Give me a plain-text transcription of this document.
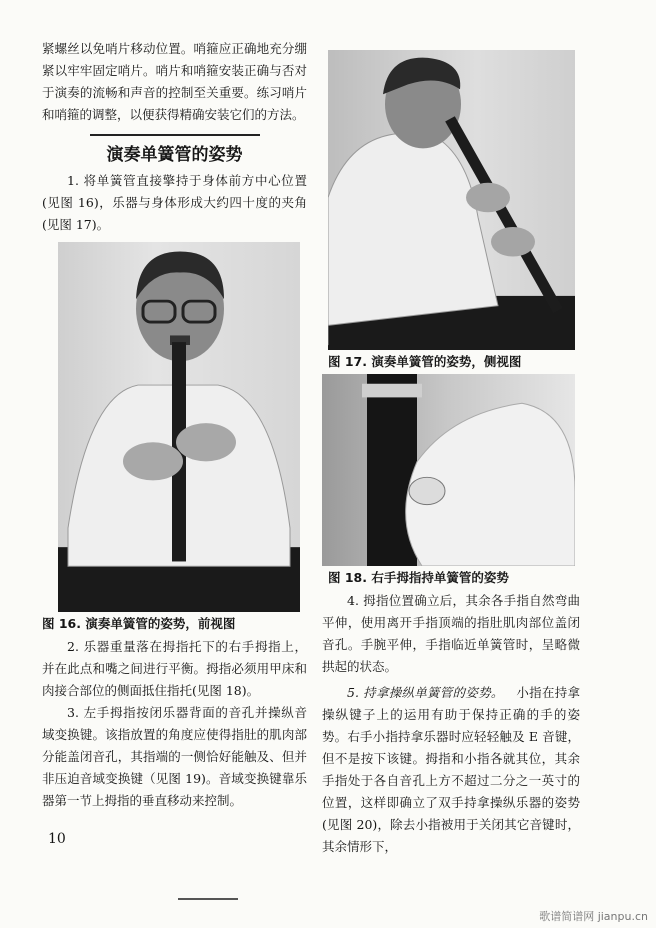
紧螺丝以免哨片移动位置。哨箍应正确地充分绷紧以牢牢固定哨片。哨片和哨箍安装正确与否对于演奏的流畅和声音的控制至关重要。练习哨片和哨箍的调整，以便获得精确安装它们的方法。

演奏单簧管的姿势

1. 将单簧管直接擎持于身体前方中心位置(见图 16)，乐器与身体形成大约四十度的夹角(见图 17)。

图 16. 演奏单簧管的姿势，前视图

2. 乐器重量落在拇指托下的右手拇指上，并在此点和嘴之间进行平衡。拇指必须用甲床和肉接合部位的侧面抵住指托(见图 18)。

3. 左手拇指按闭乐器背面的音孔并操纵音域变换键。该指放置的角度应使得指肚的肌肉部分能盖闭音孔，其指端的一侧恰好能触及、但并非压迫音域变换键（见图 19)。音域变换键靠乐器第一节上拇指的垂直移动来控制。

10
图 17. 演奏单簧管的姿势，侧视图
图 18. 右手拇指持单簧管的姿势

4. 拇指位置确立后，其余各手指自然弯曲平伸，使用离开手指顶端的指肚肌肉部位盖闭音孔。手腕平伸，手指临近单簧管时，呈略微拱起的状态。

5. 持拿操纵单簧管的姿势。  小指在持拿操纵键子上的运用有助于保持正确的手的姿势。右手小指持拿乐器时应轻轻触及 E 音键，但不是按下该键。拇指和小指各就其位，其余手指处于各自音孔上方不超过二分之一英寸的位置，这样即确立了双手持拿操纵乐器的姿势(见图 20)，除去小指被用于关闭其它音键时，其余情形下，

歌谱简谱网 jianpu.cn
